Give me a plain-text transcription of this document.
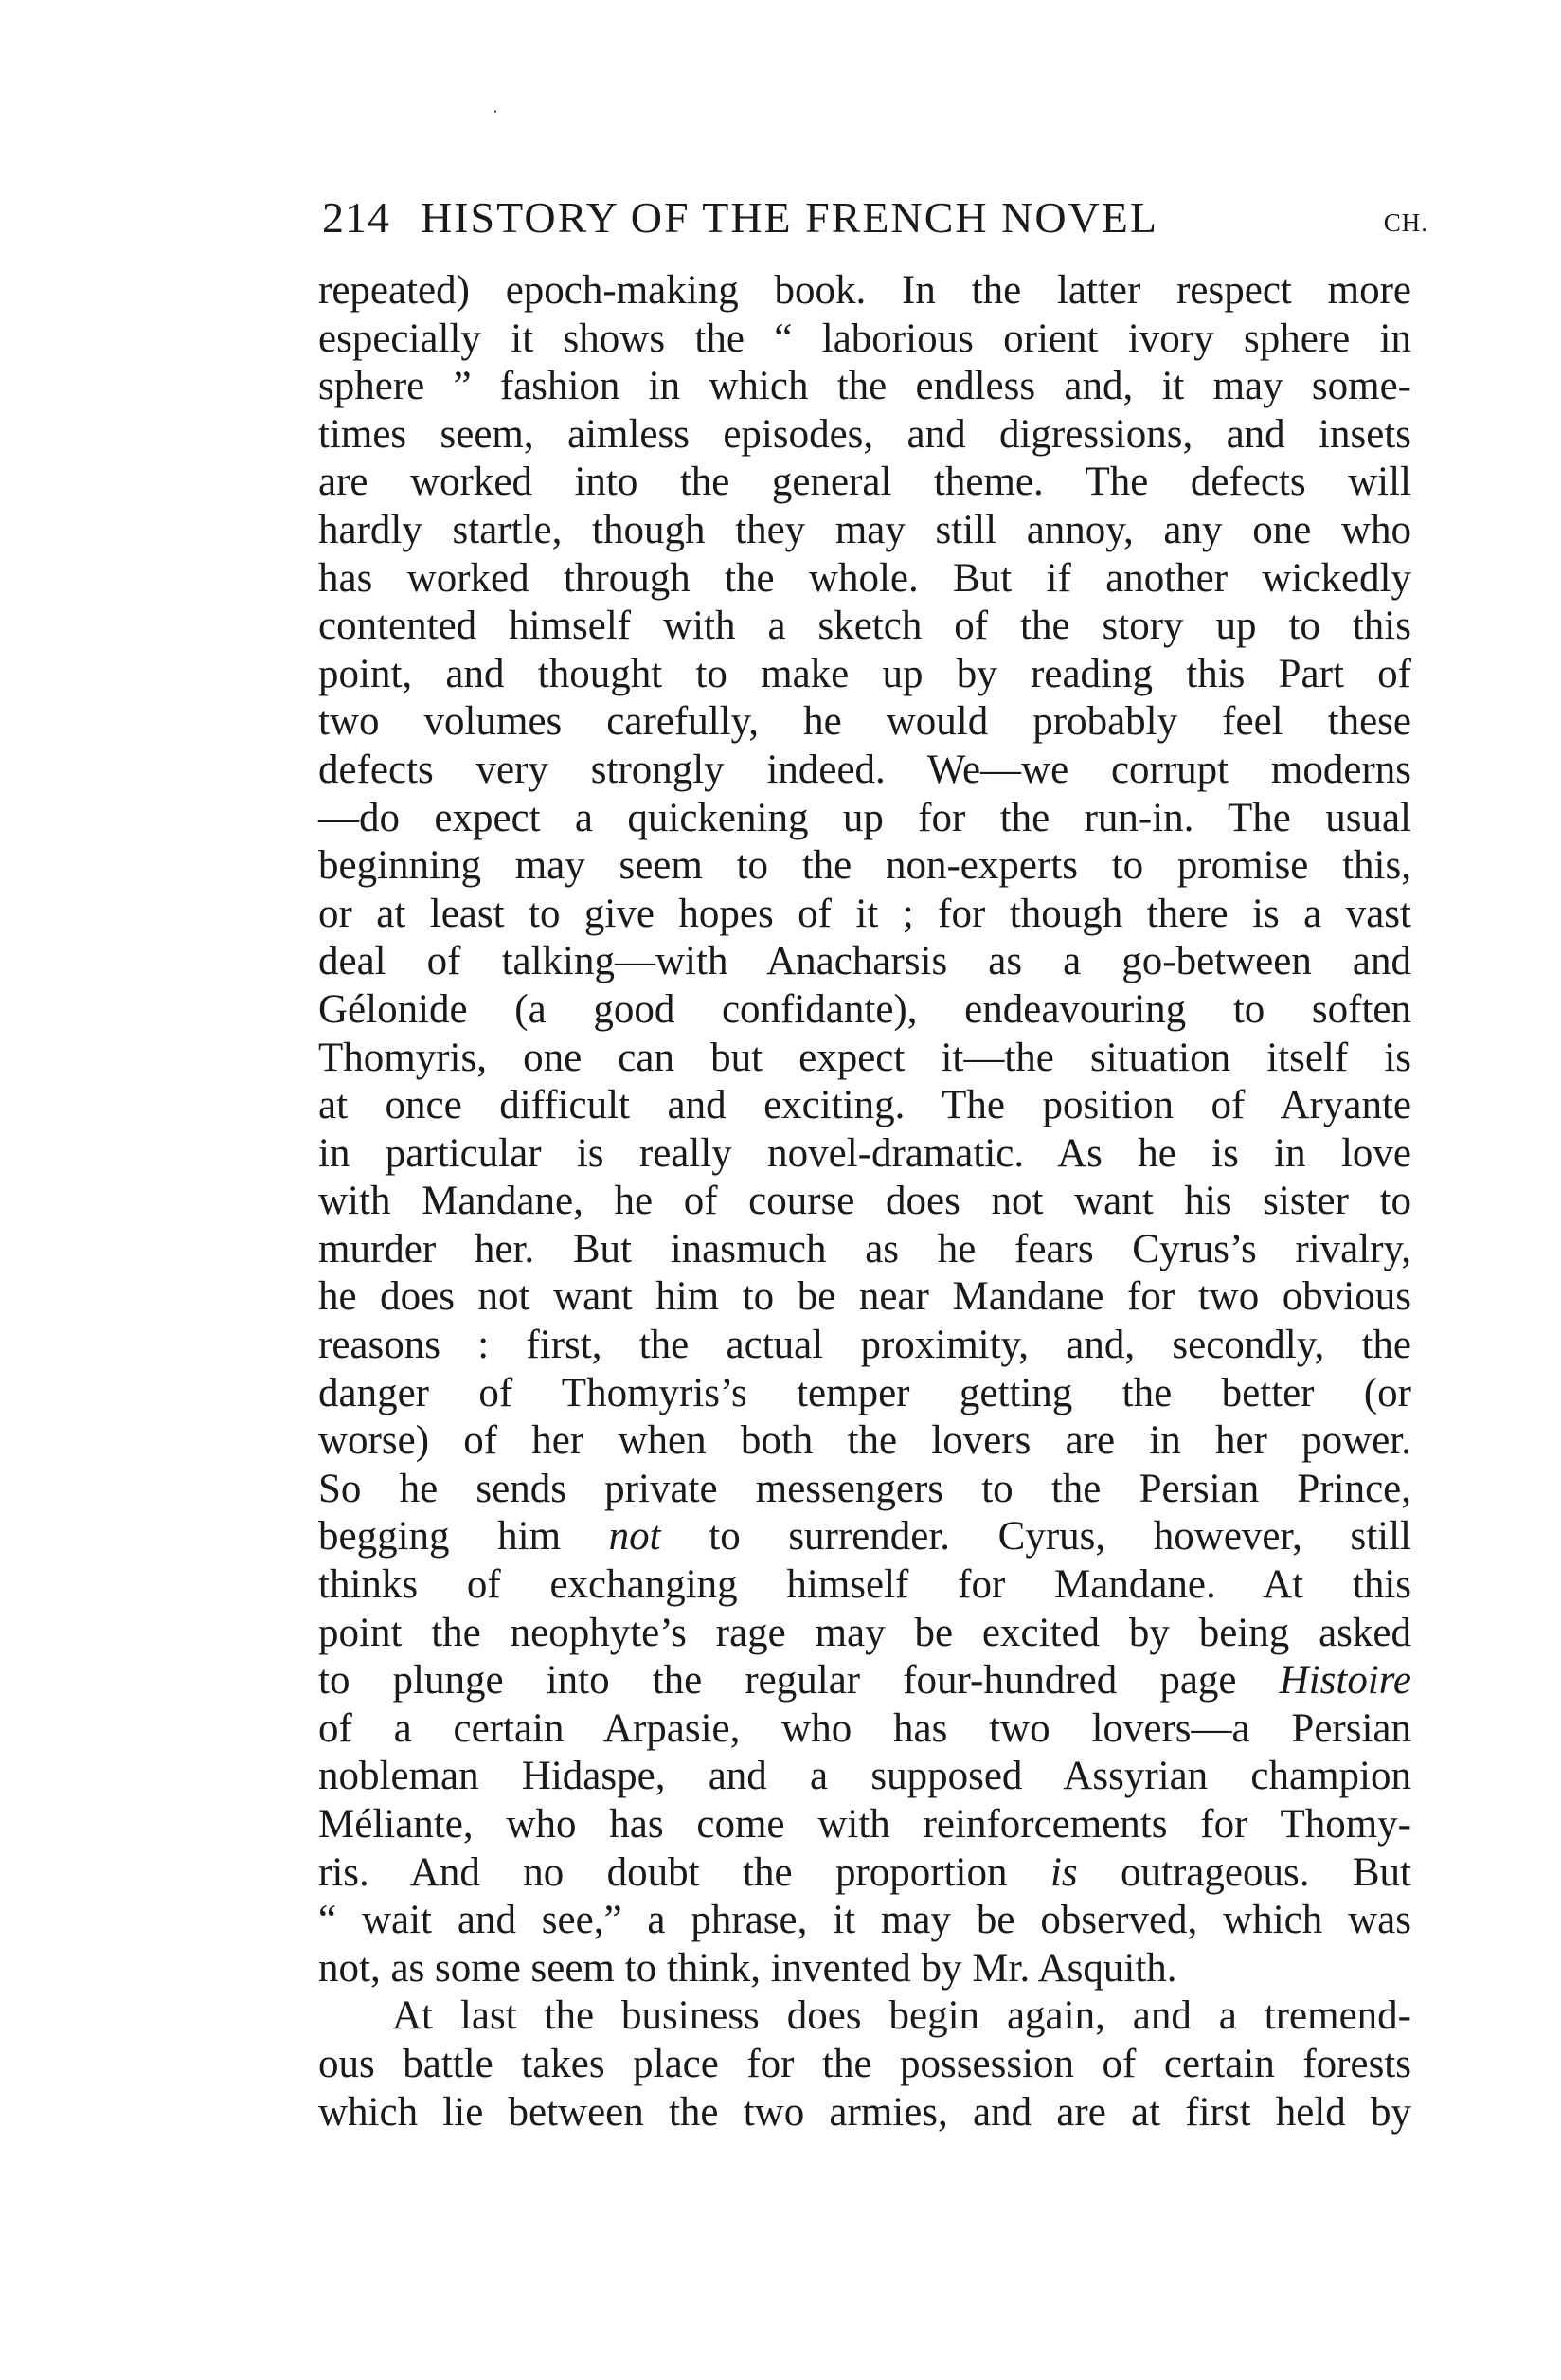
214 HISTORY OF THE FRENCH NOVEL	CH.
repeated) epoch-making book. In the latter respect more
especially it shows the “ laborious orient ivory sphere in
sphere ” fashion in which the endless and, it may some-
times seem, aimless episodes, and digressions, and insets
are worked into the general theme. The defects will
hardly startle, though they may still annoy, any one who
has worked through the whole. But if another wickedly
contented himself with a sketch of the story up to this
point, and thought to make up by reading this Part of
two volumes carefully, he would probably feel these
defects very strongly indeed. We—we corrupt moderns
—do expect a quickening up for the run-in. The usual
beginning may seem to the non-experts to promise this,
or at least to give hopes of it ; for though there is a vast
deal of talking—with Anacharsis as a go-between and
Gélonide (a good confidante), endeavouring to soften
Thomyris, one can but expect it—the situation itself is
at once difficult and exciting. The position of Aryante
in particular is really novel-dramatic. As he is in love
with Mandane, he of course does not want his sister to
murder her. But inasmuch as he fears Cyrus’s rivalry,
he does not want him to be near Mandane for two obvious
reasons : first, the actual proximity, and, secondly, the
danger of Thomyris’s temper getting the better (or
worse) of her when both the lovers are in her power.
So he sends private messengers to the Persian Prince,
begging him not to surrender. Cyrus, however, still
thinks of exchanging himself for Mandane. At this
point the neophyte’s rage may be excited by being asked
to plunge into the regular four-hundred page Histoire
of a certain Arpasie, who has two lovers—a Persian
nobleman Hidaspe, and a supposed Assyrian champion
Méliante, who has come with reinforcements for Thomy-
ris. And no doubt the proportion is outrageous. But
“ wait and see,” a phrase, it may be observed, which was
not, as some seem to think, invented by Mr. Asquith.
At last the business does begin again, and a tremend-
ous battle takes place for the possession of certain forests
which lie between the two armies, and are at first held by
